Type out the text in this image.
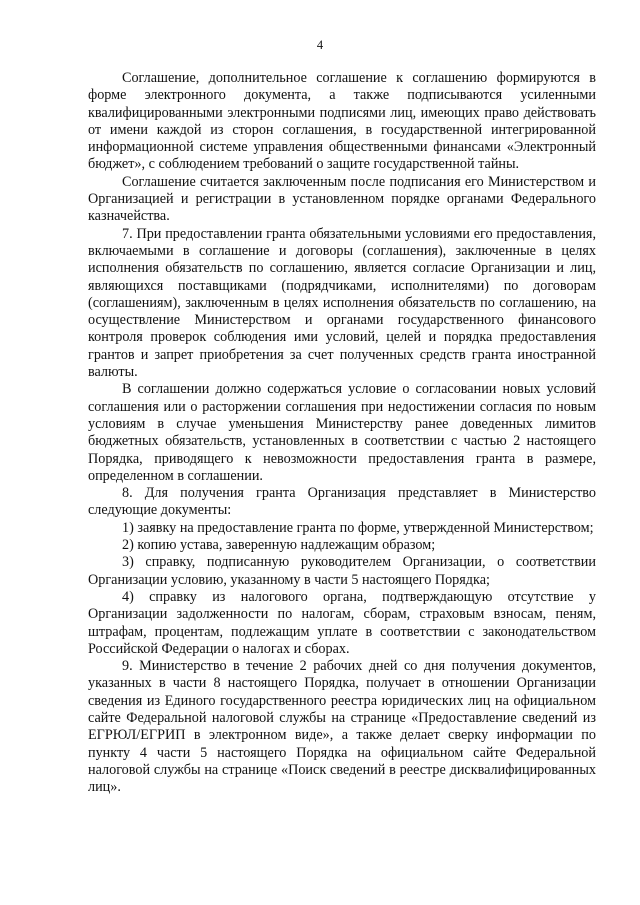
4

Соглашение, дополнительное соглашение к соглашению формируются в форме электронного документа, а также подписываются усиленными квалифицированными электронными подписями лиц, имеющих право действовать от имени каждой из сторон соглашения, в государственной интегрированной информационной системе управления общественными финансами «Электронный бюджет», с соблюдением требований о защите государственной тайны.

Соглашение считается заключенным после подписания его Министерством и Организацией и регистрации в установленном порядке органами Федерального казначейства.

7. При предоставлении гранта обязательными условиями его предоставления, включаемыми в соглашение и договоры (соглашения), заключенные в целях исполнения обязательств по соглашению, является согласие Организации и лиц, являющихся поставщиками (подрядчиками, исполнителями) по договорам (соглашениям), заключенным в целях исполнения обязательств по соглашению, на осуществление Министерством и органами государственного финансового контроля проверок соблюдения ими условий, целей и порядка предоставления грантов и запрет приобретения за счет полученных средств гранта иностранной валюты.

В соглашении должно содержаться условие о согласовании новых условий соглашения или о расторжении соглашения при недостижении согласия по новым условиям в случае уменьшения Министерству ранее доведенных лимитов бюджетных обязательств, установленных в соответствии с частью 2 настоящего Порядка, приводящего к невозможности предоставления гранта в размере, определенном в соглашении.

8. Для получения гранта Организация представляет в Министерство следующие документы:

1) заявку на предоставление гранта по форме, утвержденной Министерством;

2) копию устава, заверенную надлежащим образом;

3) справку, подписанную руководителем Организации, о соответствии Организации условию, указанному в части 5 настоящего Порядка;

4) справку из налогового органа, подтверждающую отсутствие у Организации задолженности по налогам, сборам, страховым взносам, пеням, штрафам, процентам, подлежащим уплате в соответствии с законодательством Российской Федерации о налогах и сборах.

9. Министерство в течение 2 рабочих дней со дня получения документов, указанных в части 8 настоящего Порядка, получает в отношении Организации сведения из Единого государственного реестра юридических лиц на официальном сайте Федеральной налоговой службы на странице «Предоставление сведений из ЕГРЮЛ/ЕГРИП в электронном виде», а также делает сверку информации по пункту 4 части 5 настоящего Порядка на официальном сайте Федеральной налоговой службы на странице «Поиск сведений в реестре дисквалифицированных лиц».
